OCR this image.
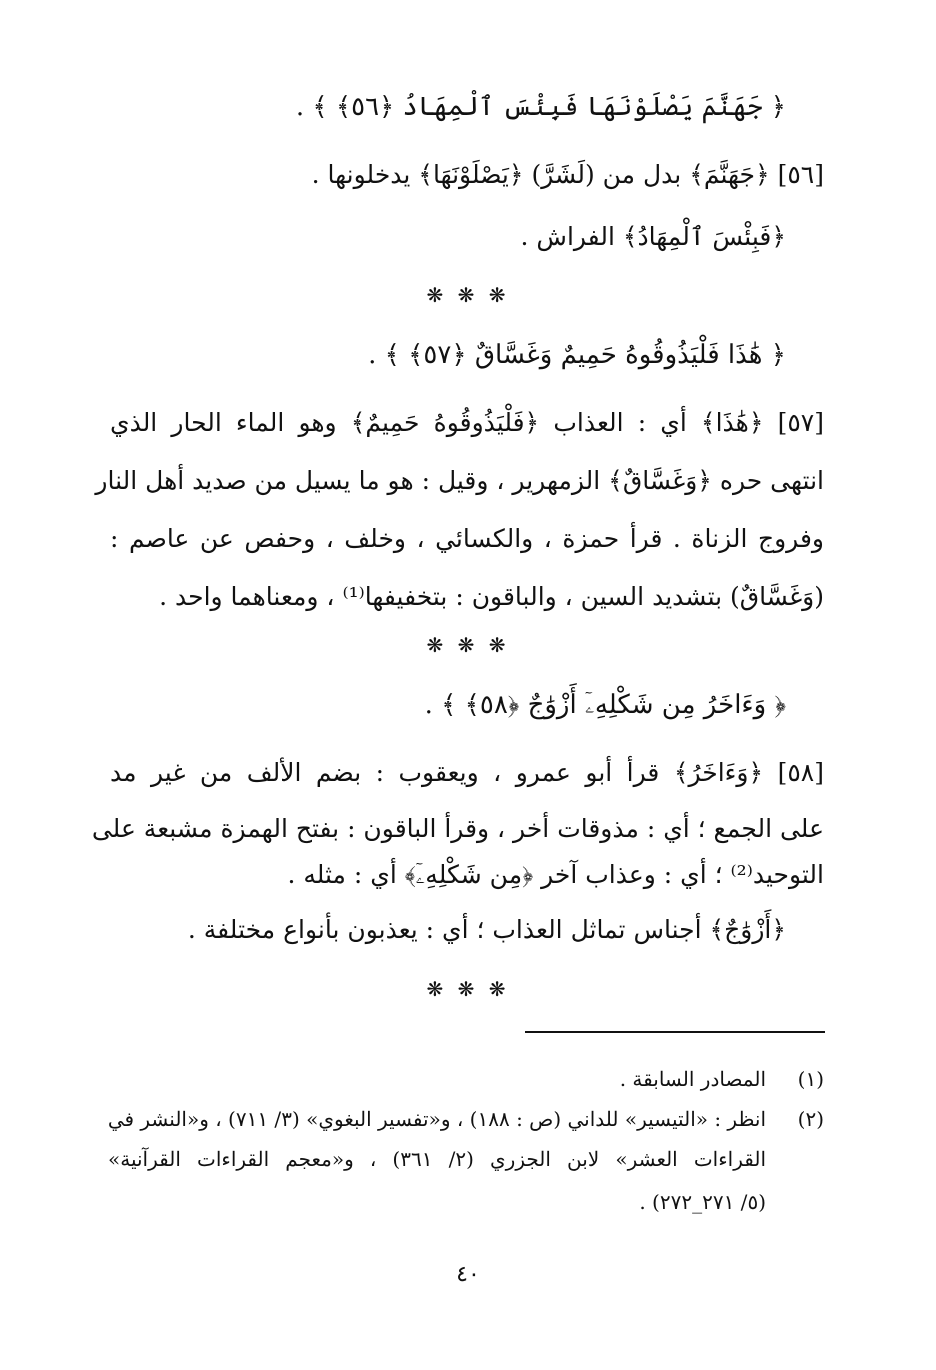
﴿ جَهَنَّمَ يَصْلَوْنَهَا فَبِئْسَ ٱلْمِهَادُ ﴿٥٦﴾ ﴾ .
[٥٦] ﴿جَهَنَّمَ﴾ بدل من (لَشَرَّ) ﴿يَصْلَوْنَهَا﴾ يدخلونها .
﴿فَبِئْسَ ٱلْمِهَادُ﴾ الفراش .
❋ ❋ ❋
﴿ هَٰذَا فَلْيَذُوقُوهُ حَمِيمٌ وَغَسَّاقٌ ﴿٥٧﴾ ﴾ .
[٥٧] ﴿هَٰذَا﴾ أي : العذاب ﴿فَلْيَذُوقُوهُ حَمِيمٌ﴾ وهو الماء الحار الذي
انتهى حره ﴿وَغَسَّاقٌ﴾ الزمهرير ، وقيل : هو ما يسيل من صديد أهل النار
وفروج الزناة . قرأ حمزة ، والكسائي ، وخلف ، وحفص عن عاصم :
(وَغَسَّاقٌ) بتشديد السين ، والباقون : بتخفيفها⁽¹⁾ ، ومعناهما واحد .
❋ ❋ ❋
﴿ وَءَاخَرُ مِن شَكْلِهِۦٓ أَزْوَٰجٌ ﴿٥٨﴾ ﴾ .
[٥٨] ﴿وَءَاخَرُ﴾ قرأ أبو عمرو ، ويعقوب : بضم الألف من غير مد
على الجمع ؛ أي : مذوقات أخر ، وقرأ الباقون : بفتح الهمزة مشبعة على
التوحيد⁽²⁾ ؛ أي : وعذاب آخر ﴿مِن شَكْلِهِۦٓ﴾ أي : مثله .
﴿أَزْوَٰجٌ﴾ أجناس تماثل العذاب ؛ أي : يعذبون بأنواع مختلفة .
❋ ❋ ❋
(١)
المصادر السابقة .
(٢)
انظر : «التيسير» للداني (ص : ١٨٨) ، و«تفسير البغوي» (٣/ ٧١١) ، و«النشر في
القراءات العشر» لابن الجزري (٢/ ٣٦١) ، و«معجم القراءات القرآنية»
(٥/ ٢٧١_٢٧٢) .
٤٠
